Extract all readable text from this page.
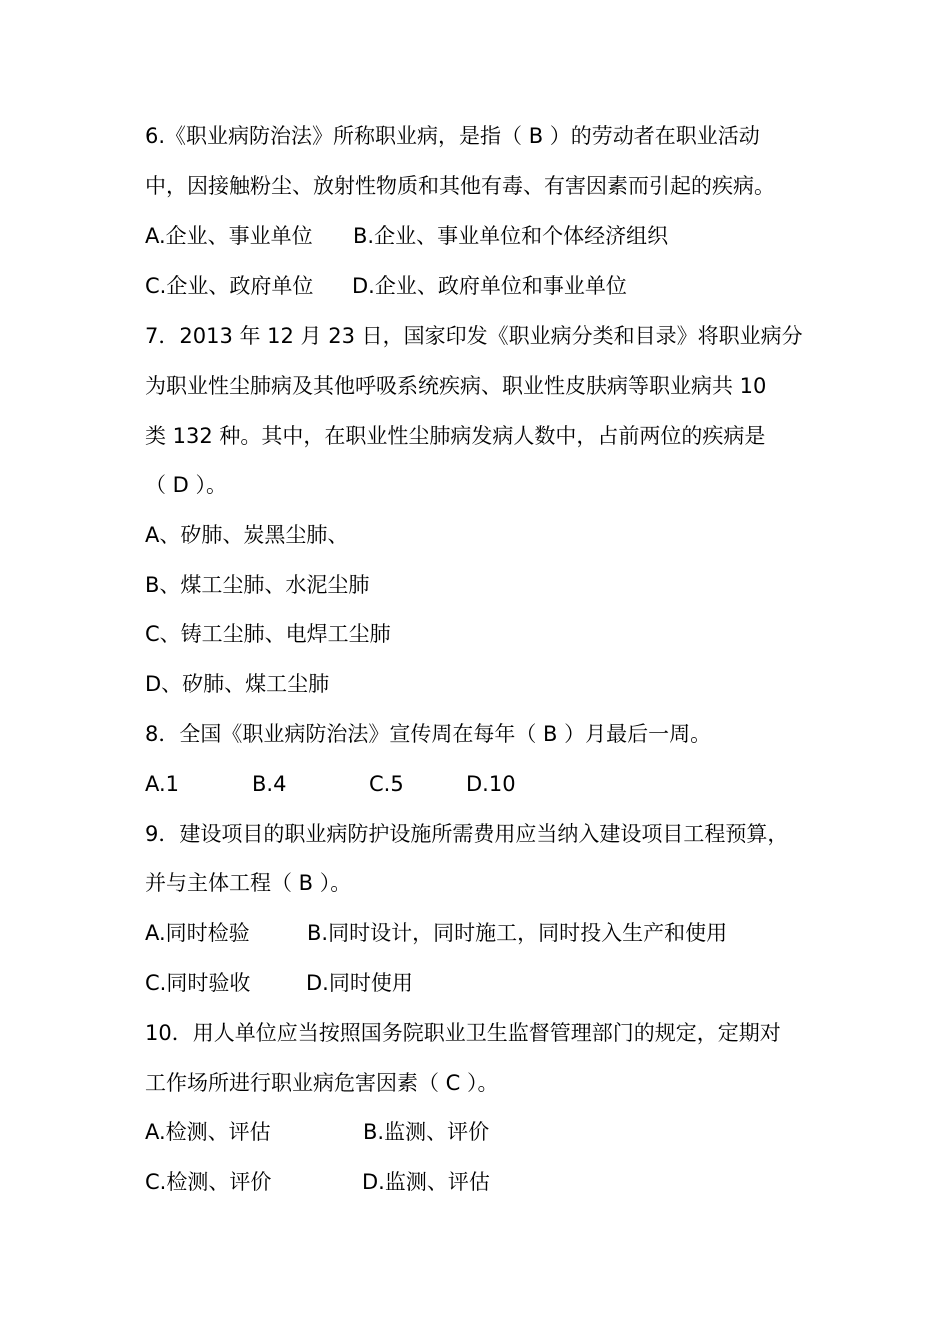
6.《职业病防治法》所称职业病，是指（ B ）的劳动者在职业活动
中，因接触粉尘、放射性物质和其他有毒、有害因素而引起的疾病。
A.企业、事业单位 B.企业、事业单位和个体经济组织
C.企业、政府单位 D.企业、政府单位和事业单位
7．2013 年 12 月 23 日，国家印发《职业病分类和目录》将职业病分
为职业性尘肺病及其他呼吸系统疾病、职业性皮肤病等职业病共 10
类 132 种。其中，在职业性尘肺病发病人数中，占前两位的疾病是
（ D ）。
A、矽肺、炭黑尘肺、
B、煤工尘肺、水泥尘肺
C、铸工尘肺、电焊工尘肺
D、矽肺、煤工尘肺
8．全国《职业病防治法》宣传周在每年（ B ）月最后一周。
A.1	B.4	C.5	D.10
9．建设项目的职业病防护设施所需费用应当纳入建设项目工程预算，
并与主体工程（ B ）。
A.同时检验	B.同时设计，同时施工，同时投入生产和使用
C.同时验收	D.同时使用
10．用人单位应当按照国务院职业卫生监督管理部门的规定，定期对
工作场所进行职业病危害因素（ C ）。
A.检测、评估	B.监测、评价
C.检测、评价	D.监测、评估
